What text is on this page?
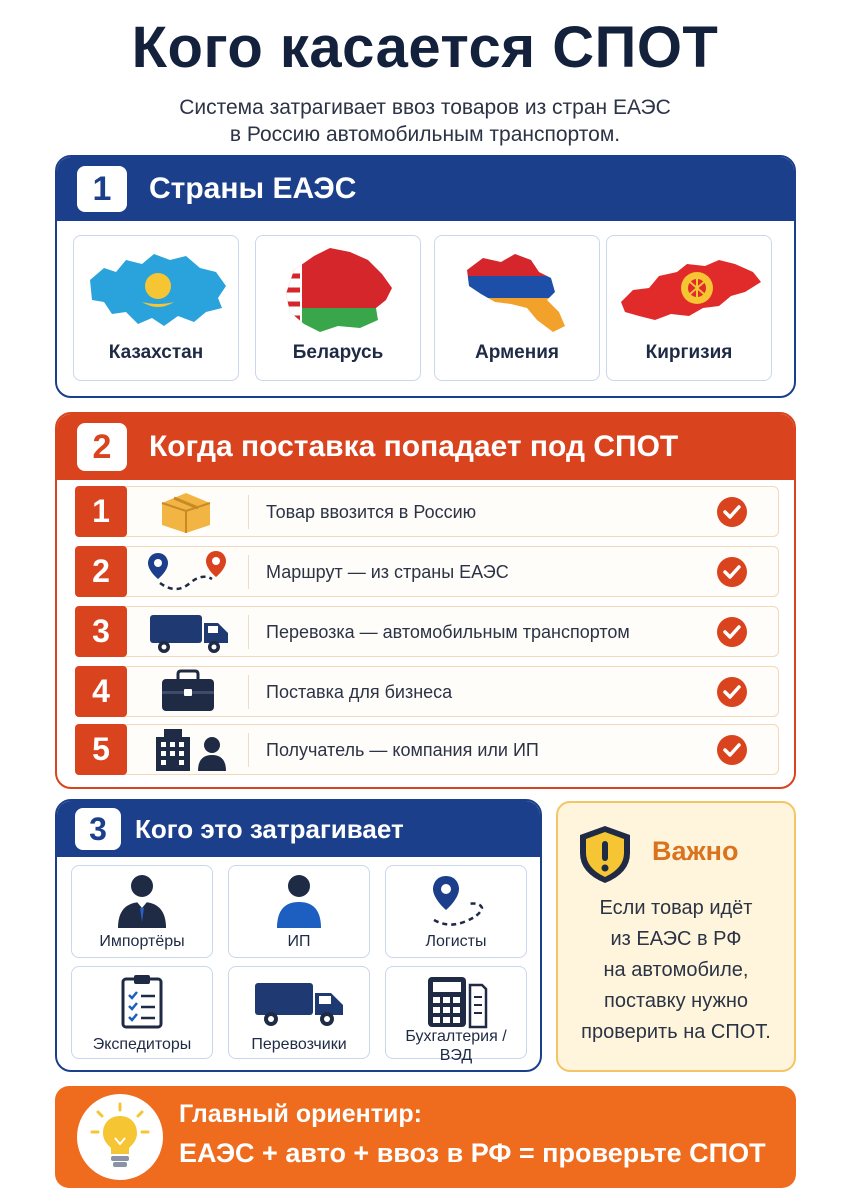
Кого касается СПОТ
Система затрагивает ввоз товаров из стран ЕАЭС
в Россию автомобильным транспортом.
1	Страны ЕАЭС
Казахстан	Беларусь	Армения	Киргизия
2	Когда поставка попадает под СПОТ
1	Товар ввозится в Россию
2	Маршрут — из страны ЕАЭС
3	Перевозка — автомобильным транспортом
4	Поставка для бизнеса
5	Получатель — компания или ИП
3	Кого это затрагивает
Импортёры	ИП	Логисты
Экспедиторы	Перевозчики	Бухгалтерия /
ВЭД
Важно
Если товар идёт
из ЕАЭС в РФ
на автомобиле,
поставку нужно
проверить на СПОТ.
Главный ориентир:
ЕАЭС + авто + ввоз в РФ = проверьте СПОТ
